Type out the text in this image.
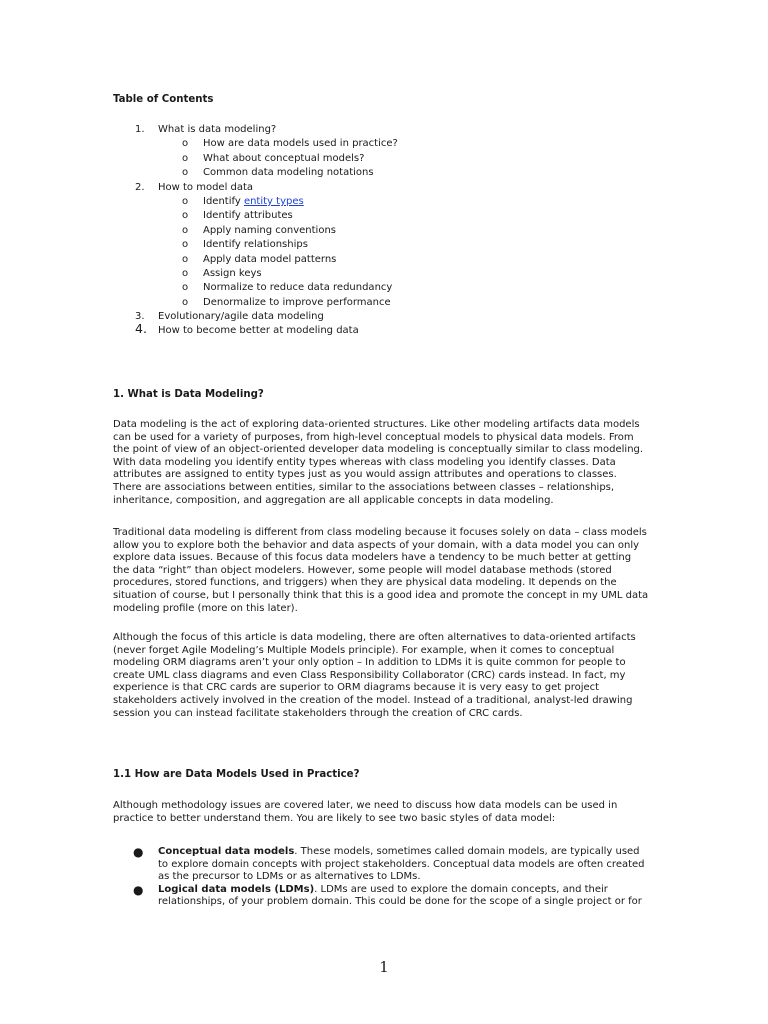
Table of Contents
1. What is data modeling?
o How are data models used in practice?
o What about conceptual models?
o Common data modeling notations
2. How to model data
o Identify entity types
o Identify attributes
o Apply naming conventions
o Identify relationships
o Apply data model patterns
o Assign keys
o Normalize to reduce data redundancy
o Denormalize to improve performance
3. Evolutionary/agile data modeling
4. How to become better at modeling data
1. What is Data Modeling?
Data modeling is the act of exploring data-oriented structures. Like other modeling artifacts data models
can be used for a variety of purposes, from high-level conceptual models to physical data models. From
the point of view of an object-oriented developer data modeling is conceptually similar to class modeling.
With data modeling you identify entity types whereas with class modeling you identify classes. Data
attributes are assigned to entity types just as you would assign attributes and operations to classes.
There are associations between entities, similar to the associations between classes – relationships,
inheritance, composition, and aggregation are all applicable concepts in data modeling.
Traditional data modeling is different from class modeling because it focuses solely on data – class models
allow you to explore both the behavior and data aspects of your domain, with a data model you can only
explore data issues. Because of this focus data modelers have a tendency to be much better at getting
the data “right” than object modelers. However, some people will model database methods (stored
procedures, stored functions, and triggers) when they are physical data modeling. It depends on the
situation of course, but I personally think that this is a good idea and promote the concept in my UML data
modeling profile (more on this later).
Although the focus of this article is data modeling, there are often alternatives to data-oriented artifacts
(never forget Agile Modeling’s Multiple Models principle). For example, when it comes to conceptual
modeling ORM diagrams aren’t your only option – In addition to LDMs it is quite common for people to
create UML class diagrams and even Class Responsibility Collaborator (CRC) cards instead. In fact, my
experience is that CRC cards are superior to ORM diagrams because it is very easy to get project
stakeholders actively involved in the creation of the model. Instead of a traditional, analyst-led drawing
session you can instead facilitate stakeholders through the creation of CRC cards.
1.1 How are Data Models Used in Practice?
Although methodology issues are covered later, we need to discuss how data models can be used in
practice to better understand them. You are likely to see two basic styles of data model:
● Conceptual data models. These models, sometimes called domain models, are typically used
to explore domain concepts with project stakeholders. Conceptual data models are often created
as the precursor to LDMs or as alternatives to LDMs.
● Logical data models (LDMs). LDMs are used to explore the domain concepts, and their
relationships, of your problem domain. This could be done for the scope of a single project or for
1
